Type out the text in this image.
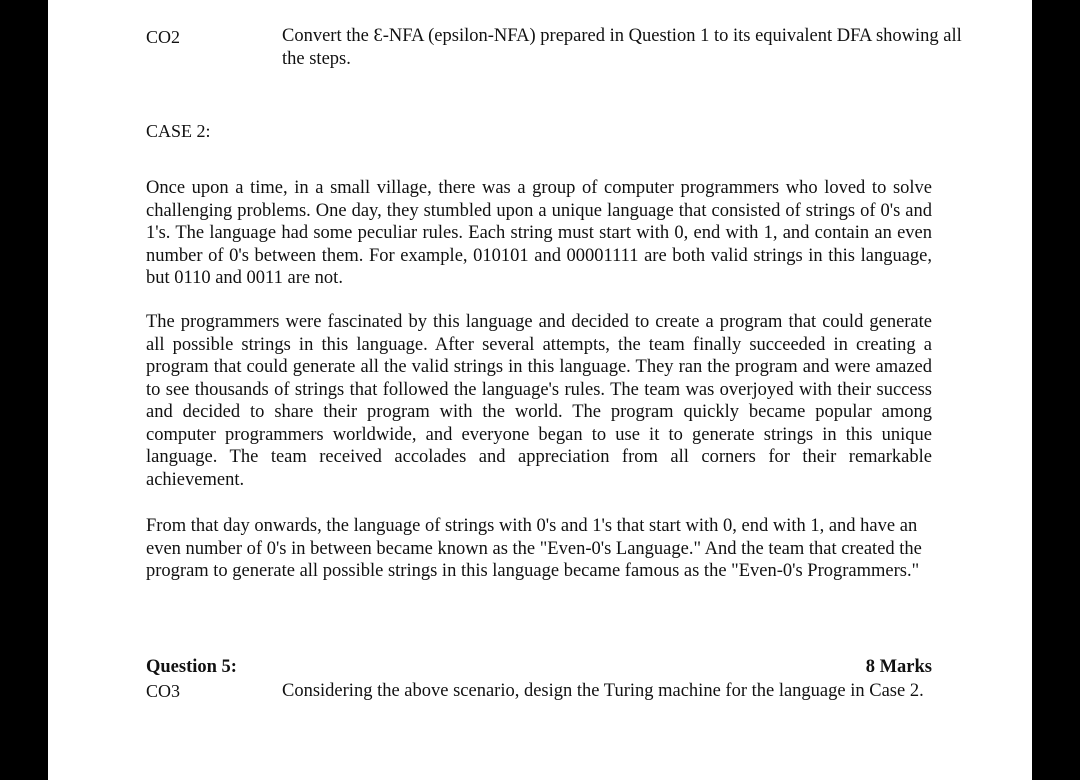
CO2	Convert the Ɛ-NFA (epsilon-NFA) prepared in Question 1 to its equivalent DFA showing all the steps.
CASE 2:
Once upon a time, in a small village, there was a group of computer programmers who loved to solve challenging problems. One day, they stumbled upon a unique language that consisted of strings of 0's and 1's. The language had some peculiar rules. Each string must start with 0, end with 1, and contain an even number of 0's between them. For example, 010101 and 00001111 are both valid strings in this language, but 0110 and 0011 are not.
The programmers were fascinated by this language and decided to create a program that could generate all possible strings in this language. After several attempts, the team finally succeeded in creating a program that could generate all the valid strings in this language. They ran the program and were amazed to see thousands of strings that followed the language's rules. The team was overjoyed with their success and decided to share their program with the world. The program quickly became popular among computer programmers worldwide, and everyone began to use it to generate strings in this unique language. The team received accolades and appreciation from all corners for their remarkable achievement.
From that day onwards, the language of strings with 0's and 1's that start with 0, end with 1, and have an even number of 0's in between became known as the "Even-0's Language." And the team that created the program to generate all possible strings in this language became famous as the "Even-0's Programmers."
Question 5:	8 Marks
CO3	Considering the above scenario, design the Turing machine for the language in Case 2.
